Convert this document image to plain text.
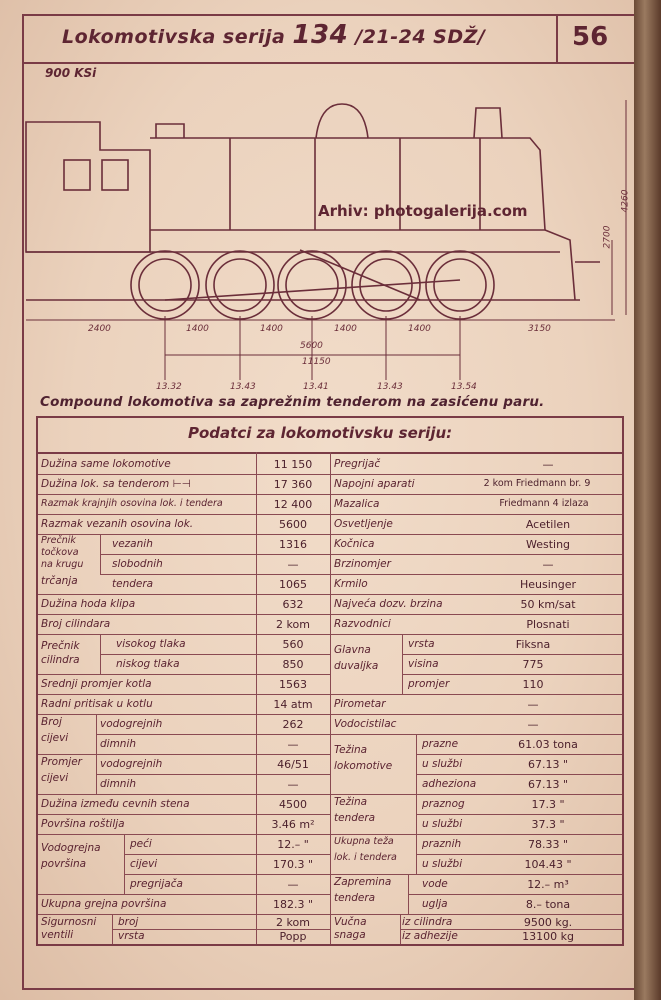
Lokomotivska serija 134 /21-24 SDŽ/	56
900 KSi
2700
4260
2400	1400	1400	1400	1400	3150
5600
11150
13.32	13.43	13.41	13.43	13.54
Arhiv: photogalerija.com
Compound lokomotiva sa zaprežnim tenderom na zasićenu paru.
Podatci za lokomotivsku seriju:
Dužina same lokomotive	11 150
Dužina lok. sa tenderom ⊢⊣	17 360
Razmak krajnjih osovina lok. i tendera	12 400
Razmak vezanih osovina lok.	5600
Prečnik
točkova
na krugu
trčanja
vezanih	1316
slobodnih	—
tendera	1065
Dužina hoda klipa	632
Broj cilindara	2 kom
Prečnik
cilindra
visokog tlaka	560
niskog tlaka	850
Srednji promjer kotla	1563
Radni pritisak u kotlu	14 atm
Broj
cijevi
vodogrejnih	262
dimnih	—
Promjer
cijevi
vodogrejnih	46/51
dimnih	—
Dužina između cevnih stena	4500
Površina roštilja	3.46 m²
Vodogrejna
površina
peći	12.– "
cijevi	170.3 "
pregrijača	—
Ukupna grejna površina	182.3 "
Sigurnosni
ventili
broj	2 kom
vrsta	Popp
Pregrijač	—
Napojni aparati	2 kom Friedmann br. 9
Mazalica	Friedmann 4 izlaza
Osvetljenje	Acetilen
Kočnica	Westing
Brzinomjer	—
Krmilo	Heusinger
Najveća dozv. brzina	50 km/sat
Razvodnici	Plosnati
Glavna
duvaljka
vrsta	Fiksna
visina	775
promjer	110
Pirometar	—
Vodocistilac	—
Težina
lokomotive
prazne	61.03 tona
u službi	67.13 "
adheziona	67.13 "
Težina
tendera
praznog	17.3 "
u službi	37.3 "
Ukupna teža
lok. i tendera
praznih	78.33 "
u službi	104.43 "
Zapremina
tendera
vode	12.– m³
uglja	8.– tona
Vučna
snaga
iz cilindra	9500 kg.
iz adhezije	13100 kg
